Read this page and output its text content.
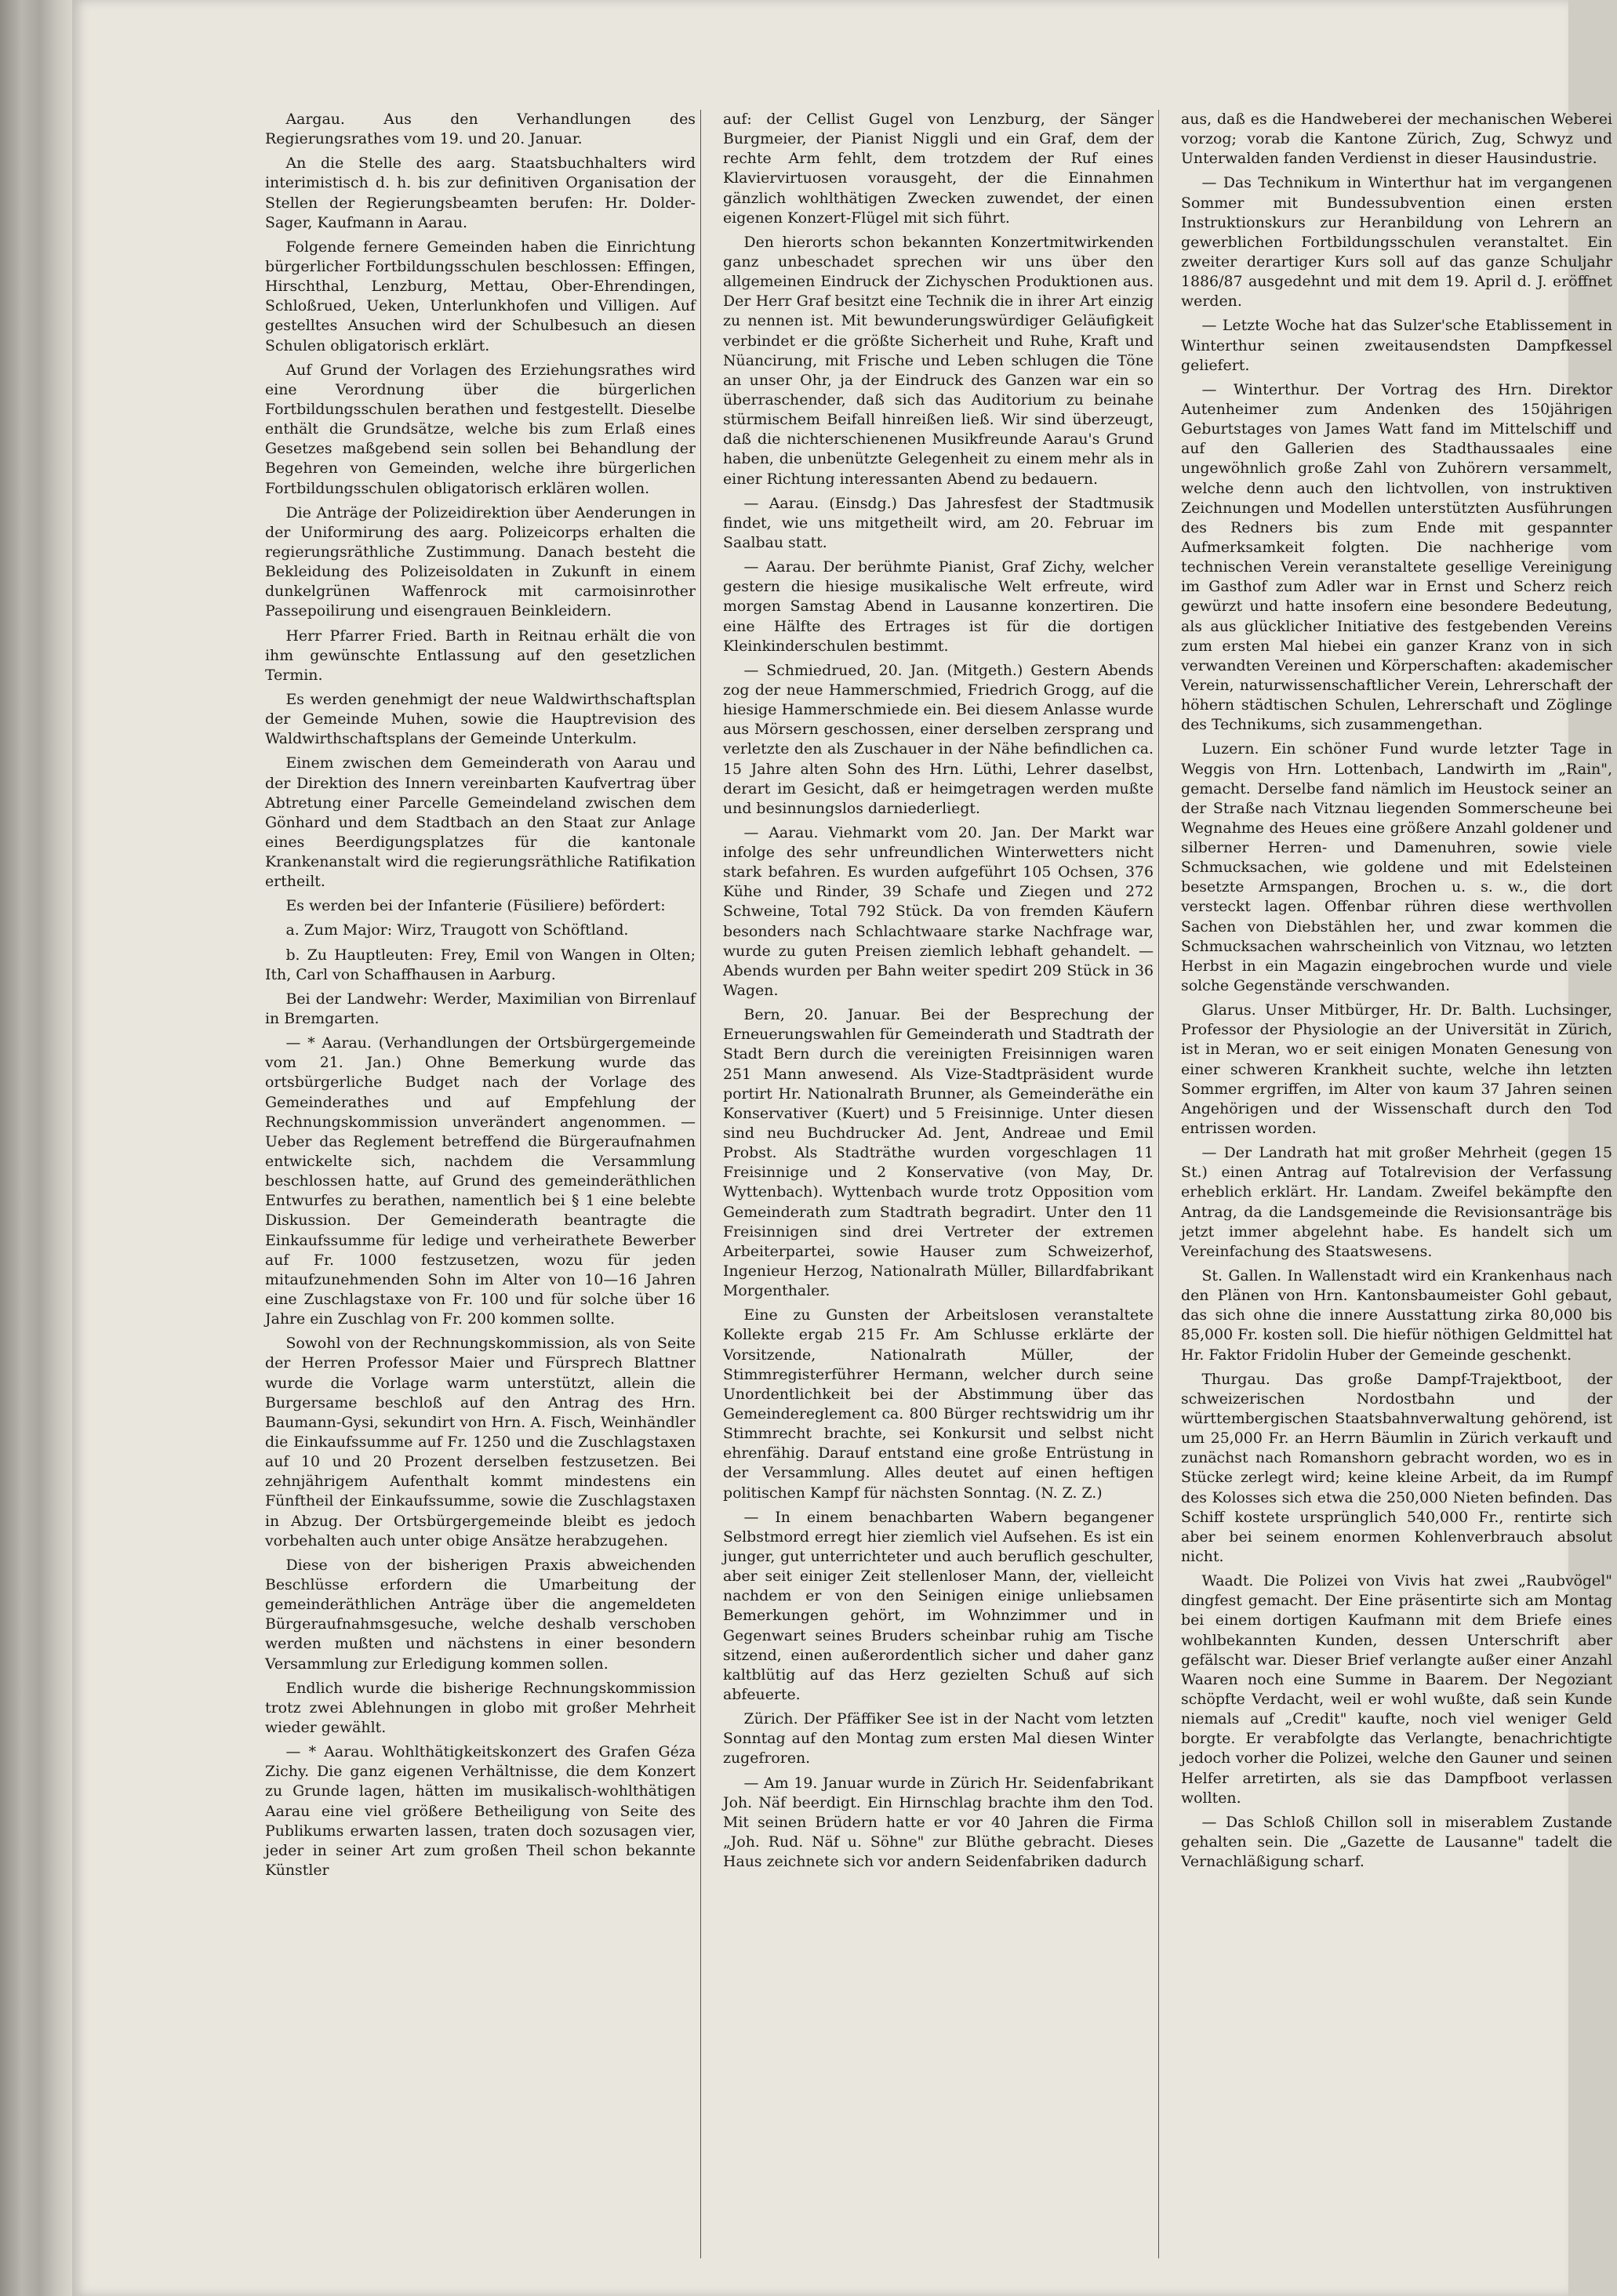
Aargau. Aus den Verhandlungen des Regierungsrathes vom 19. und 20. Januar.

An die Stelle des aarg. Staatsbuchhalters wird interimistisch d. h. bis zur definitiven Organisation der Stellen der Regierungsbeamten berufen: Hr. Dolder-Sager, Kaufmann in Aarau.

Folgende fernere Gemeinden haben die Einrichtung bürgerlicher Fortbildungsschulen beschlossen: Effingen, Hirschthal, Lenzburg, Mettau, Ober-Ehrendingen, Schloßrued, Ueken, Unterlunkhofen und Villigen. Auf gestelltes Ansuchen wird der Schulbesuch an diesen Schulen obligatorisch erklärt.

Auf Grund der Vorlagen des Erziehungsrathes wird eine Verordnung über die bürgerlichen Fortbildungsschulen berathen und festgestellt. Dieselbe enthält die Grundsätze, welche bis zum Erlaß eines Gesetzes maßgebend sein sollen bei Behandlung der Begehren von Gemeinden, welche ihre bürgerlichen Fortbildungsschulen obligatorisch erklären wollen.

Die Anträge der Polizeidirektion über Aenderungen in der Uniformirung des aarg. Polizeicorps erhalten die regierungsräthliche Zustimmung. Danach besteht die Bekleidung des Polizeisoldaten in Zukunft in einem dunkelgrünen Waffenrock mit carmoisinrother Passepoilirung und eisengrauen Beinkleidern.

Herr Pfarrer Fried. Barth in Reitnau erhält die von ihm gewünschte Entlassung auf den gesetzlichen Termin.

Es werden genehmigt der neue Waldwirthschaftsplan der Gemeinde Muhen, sowie die Hauptrevision des Waldwirthschaftsplans der Gemeinde Unterkulm.

Einem zwischen dem Gemeinderath von Aarau und der Direktion des Innern vereinbarten Kaufvertrag über Abtretung einer Parcelle Gemeindeland zwischen dem Gönhard und dem Stadtbach an den Staat zur Anlage eines Beerdigungsplatzes für die kantonale Krankenanstalt wird die regierungsräthliche Ratifikation ertheilt.

Es werden bei der Infanterie (Füsiliere) befördert:

a. Zum Major: Wirz, Traugott von Schöftland.

b. Zu Hauptleuten: Frey, Emil von Wangen in Olten; Ith, Carl von Schaffhausen in Aarburg.

Bei der Landwehr: Werder, Maximilian von Birrenlauf in Bremgarten.

— * Aarau. (Verhandlungen der Ortsbürgergemeinde vom 21. Jan.) Ohne Bemerkung wurde das ortsbürgerliche Budget nach der Vorlage des Gemeinderathes und auf Empfehlung der Rechnungskommission unverändert angenommen. — Ueber das Reglement betreffend die Bürgeraufnahmen entwickelte sich, nachdem die Versammlung beschlossen hatte, auf Grund des gemeinderäthlichen Entwurfes zu berathen, namentlich bei § 1 eine belebte Diskussion. Der Gemeinderath beantragte die Einkaufssumme für ledige und verheirathete Bewerber auf Fr. 1000 festzusetzen, wozu für jeden mitaufzunehmenden Sohn im Alter von 10—16 Jahren eine Zuschlagstaxe von Fr. 100 und für solche über 16 Jahre ein Zuschlag von Fr. 200 kommen sollte.

Sowohl von der Rechnungskommission, als von Seite der Herren Professor Maier und Fürsprech Blattner wurde die Vorlage warm unterstützt, allein die Burgersame beschloß auf den Antrag des Hrn. Baumann-Gysi, sekundirt von Hrn. A. Fisch, Weinhändler die Einkaufssumme auf Fr. 1250 und die Zuschlagstaxen auf 10 und 20 Prozent derselben festzusetzen. Bei zehnjährigem Aufenthalt kommt mindestens ein Fünftheil der Einkaufssumme, sowie die Zuschlagstaxen in Abzug. Der Ortsbürgergemeinde bleibt es jedoch vorbehalten auch unter obige Ansätze herabzugehen.

Diese von der bisherigen Praxis abweichenden Beschlüsse erfordern die Umarbeitung der gemeinderäthlichen Anträge über die angemeldeten Bürgeraufnahmsgesuche, welche deshalb verschoben werden mußten und nächstens in einer besondern Versammlung zur Erledigung kommen sollen.

Endlich wurde die bisherige Rechnungskommission trotz zwei Ablehnungen in globo mit großer Mehrheit wieder gewählt.

— * Aarau. Wohlthätigkeitskonzert des Grafen Géza Zichy. Die ganz eigenen Verhältnisse, die dem Konzert zu Grunde lagen, hätten im musikalisch-wohlthätigen Aarau eine viel größere Betheiligung von Seite des Publikums erwarten lassen, traten doch sozusagen vier, jeder in seiner Art zum großen Theil schon bekannte Künstler

auf: der Cellist Gugel von Lenzburg, der Sänger Burgmeier, der Pianist Niggli und ein Graf, dem der rechte Arm fehlt, dem trotzdem der Ruf eines Klaviervirtuosen vorausgeht, der die Einnahmen gänzlich wohlthätigen Zwecken zuwendet, der einen eigenen Konzert-Flügel mit sich führt.

Den hierorts schon bekannten Konzertmitwirkenden ganz unbeschadet sprechen wir uns über den allgemeinen Eindruck der Zichyschen Produktionen aus. Der Herr Graf besitzt eine Technik die in ihrer Art einzig zu nennen ist. Mit bewunderungswürdiger Geläufigkeit verbindet er die größte Sicherheit und Ruhe, Kraft und Nüancirung, mit Frische und Leben schlugen die Töne an unser Ohr, ja der Eindruck des Ganzen war ein so überraschender, daß sich das Auditorium zu beinahe stürmischem Beifall hinreißen ließ. Wir sind überzeugt, daß die nichterschienenen Musikfreunde Aarau's Grund haben, die unbenützte Gelegenheit zu einem mehr als in einer Richtung interessanten Abend zu bedauern.

— Aarau. (Einsdg.) Das Jahresfest der Stadtmusik findet, wie uns mitgetheilt wird, am 20. Februar im Saalbau statt.

— Aarau. Der berühmte Pianist, Graf Zichy, welcher gestern die hiesige musikalische Welt erfreute, wird morgen Samstag Abend in Lausanne konzertiren. Die eine Hälfte des Ertrages ist für die dortigen Kleinkinderschulen bestimmt.

— Schmiedrued, 20. Jan. (Mitgeth.) Gestern Abends zog der neue Hammerschmied, Friedrich Grogg, auf die hiesige Hammerschmiede ein. Bei diesem Anlasse wurde aus Mörsern geschossen, einer derselben zersprang und verletzte den als Zuschauer in der Nähe befindlichen ca. 15 Jahre alten Sohn des Hrn. Lüthi, Lehrer daselbst, derart im Gesicht, daß er heimgetragen werden mußte und besinnungslos darniederliegt.

— Aarau. Viehmarkt vom 20. Jan. Der Markt war infolge des sehr unfreundlichen Winterwetters nicht stark befahren. Es wurden aufgeführt 105 Ochsen, 376 Kühe und Rinder, 39 Schafe und Ziegen und 272 Schweine, Total 792 Stück. Da von fremden Käufern besonders nach Schlachtwaare starke Nachfrage war, wurde zu guten Preisen ziemlich lebhaft gehandelt. — Abends wurden per Bahn weiter spedirt 209 Stück in 36 Wagen.

Bern, 20. Januar. Bei der Besprechung der Erneuerungswahlen für Gemeinderath und Stadtrath der Stadt Bern durch die vereinigten Freisinnigen waren 251 Mann anwesend. Als Vize-Stadtpräsident wurde portirt Hr. Nationalrath Brunner, als Gemeinderäthe ein Konservativer (Kuert) und 5 Freisinnige. Unter diesen sind neu Buchdrucker Ad. Jent, Andreae und Emil Probst. Als Stadträthe wurden vorgeschlagen 11 Freisinnige und 2 Konservative (von May, Dr. Wyttenbach). Wyttenbach wurde trotz Opposition vom Gemeinderath zum Stadtrath begradirt. Unter den 11 Freisinnigen sind drei Vertreter der extremen Arbeiterpartei, sowie Hauser zum Schweizerhof, Ingenieur Herzog, Nationalrath Müller, Billardfabrikant Morgenthaler.

Eine zu Gunsten der Arbeitslosen veranstaltete Kollekte ergab 215 Fr. Am Schlusse erklärte der Vorsitzende, Nationalrath Müller, der Stimmregisterführer Hermann, welcher durch seine Unordentlichkeit bei der Abstimmung über das Gemeindereglement ca. 800 Bürger rechtswidrig um ihr Stimmrecht brachte, sei Konkursit und selbst nicht ehrenfähig. Darauf entstand eine große Entrüstung in der Versammlung. Alles deutet auf einen heftigen politischen Kampf für nächsten Sonntag. (N. Z. Z.)

— In einem benachbarten Wabern begangener Selbstmord erregt hier ziemlich viel Aufsehen. Es ist ein junger, gut unterrichteter und auch beruflich geschulter, aber seit einiger Zeit stellenloser Mann, der, vielleicht nachdem er von den Seinigen einige unliebsamen Bemerkungen gehört, im Wohnzimmer und in Gegenwart seines Bruders scheinbar ruhig am Tische sitzend, einen außerordentlich sicher und daher ganz kaltblütig auf das Herz gezielten Schuß auf sich abfeuerte.

Zürich. Der Pfäffiker See ist in der Nacht vom letzten Sonntag auf den Montag zum ersten Mal diesen Winter zugefroren.

— Am 19. Januar wurde in Zürich Hr. Seidenfabrikant Joh. Näf beerdigt. Ein Hirnschlag brachte ihm den Tod. Mit seinen Brüdern hatte er vor 40 Jahren die Firma „Joh. Rud. Näf u. Söhne" zur Blüthe gebracht. Dieses Haus zeichnete sich vor andern Seidenfabriken dadurch

aus, daß es die Handweberei der mechanischen Weberei vorzog; vorab die Kantone Zürich, Zug, Schwyz und Unterwalden fanden Verdienst in dieser Hausindustrie.

— Das Technikum in Winterthur hat im vergangenen Sommer mit Bundessubvention einen ersten Instruktionskurs zur Heranbildung von Lehrern an gewerblichen Fortbildungsschulen veranstaltet. Ein zweiter derartiger Kurs soll auf das ganze Schuljahr 1886/87 ausgedehnt und mit dem 19. April d. J. eröffnet werden.

— Letzte Woche hat das Sulzer'sche Etablissement in Winterthur seinen zweitausendsten Dampfkessel geliefert.

— Winterthur. Der Vortrag des Hrn. Direktor Autenheimer zum Andenken des 150jährigen Geburtstages von James Watt fand im Mittelschiff und auf den Gallerien des Stadthaussaales eine ungewöhnlich große Zahl von Zuhörern versammelt, welche denn auch den lichtvollen, von instruktiven Zeichnungen und Modellen unterstützten Ausführungen des Redners bis zum Ende mit gespannter Aufmerksamkeit folgten. Die nachherige vom technischen Verein veranstaltete gesellige Vereinigung im Gasthof zum Adler war in Ernst und Scherz reich gewürzt und hatte insofern eine besondere Bedeutung, als aus glücklicher Initiative des festgebenden Vereins zum ersten Mal hiebei ein ganzer Kranz von in sich verwandten Vereinen und Körperschaften: akademischer Verein, naturwissenschaftlicher Verein, Lehrerschaft der höhern städtischen Schulen, Lehrerschaft und Zöglinge des Technikums, sich zusammengethan.

Luzern. Ein schöner Fund wurde letzter Tage in Weggis von Hrn. Lottenbach, Landwirth im „Rain", gemacht. Derselbe fand nämlich im Heustock seiner an der Straße nach Vitznau liegenden Sommerscheune bei Wegnahme des Heues eine größere Anzahl goldener und silberner Herren- und Damenuhren, sowie viele Schmucksachen, wie goldene und mit Edelsteinen besetzte Armspangen, Brochen u. s. w., die dort versteckt lagen. Offenbar rühren diese werthvollen Sachen von Diebstählen her, und zwar kommen die Schmucksachen wahrscheinlich von Vitznau, wo letzten Herbst in ein Magazin eingebrochen wurde und viele solche Gegenstände verschwanden.

Glarus. Unser Mitbürger, Hr. Dr. Balth. Luchsinger, Professor der Physiologie an der Universität in Zürich, ist in Meran, wo er seit einigen Monaten Genesung von einer schweren Krankheit suchte, welche ihn letzten Sommer ergriffen, im Alter von kaum 37 Jahren seinen Angehörigen und der Wissenschaft durch den Tod entrissen worden.

— Der Landrath hat mit großer Mehrheit (gegen 15 St.) einen Antrag auf Totalrevision der Verfassung erheblich erklärt. Hr. Landam. Zweifel bekämpfte den Antrag, da die Landsgemeinde die Revisionsanträge bis jetzt immer abgelehnt habe. Es handelt sich um Vereinfachung des Staatswesens.

St. Gallen. In Wallenstadt wird ein Krankenhaus nach den Plänen von Hrn. Kantonsbaumeister Gohl gebaut, das sich ohne die innere Ausstattung zirka 80,000 bis 85,000 Fr. kosten soll. Die hiefür nöthigen Geldmittel hat Hr. Faktor Fridolin Huber der Gemeinde geschenkt.

Thurgau. Das große Dampf-Trajektboot, der schweizerischen Nordostbahn und der württembergischen Staatsbahnverwaltung gehörend, ist um 25,000 Fr. an Herrn Bäumlin in Zürich verkauft und zunächst nach Romanshorn gebracht worden, wo es in Stücke zerlegt wird; keine kleine Arbeit, da im Rumpf des Kolosses sich etwa die 250,000 Nieten befinden. Das Schiff kostete ursprünglich 540,000 Fr., rentirte sich aber bei seinem enormen Kohlenverbrauch absolut nicht.

Waadt. Die Polizei von Vivis hat zwei „Raubvögel" dingfest gemacht. Der Eine präsentirte sich am Montag bei einem dortigen Kaufmann mit dem Briefe eines wohlbekannten Kunden, dessen Unterschrift aber gefälscht war. Dieser Brief verlangte außer einer Anzahl Waaren noch eine Summe in Baarem. Der Negoziant schöpfte Verdacht, weil er wohl wußte, daß sein Kunde niemals auf „Credit" kaufte, noch viel weniger Geld borgte. Er verabfolgte das Verlangte, benachrichtigte jedoch vorher die Polizei, welche den Gauner und seinen Helfer arretirten, als sie das Dampfboot verlassen wollten.

— Das Schloß Chillon soll in miserablem Zustande gehalten sein. Die „Gazette de Lausanne" tadelt die Vernachläßigung scharf.
